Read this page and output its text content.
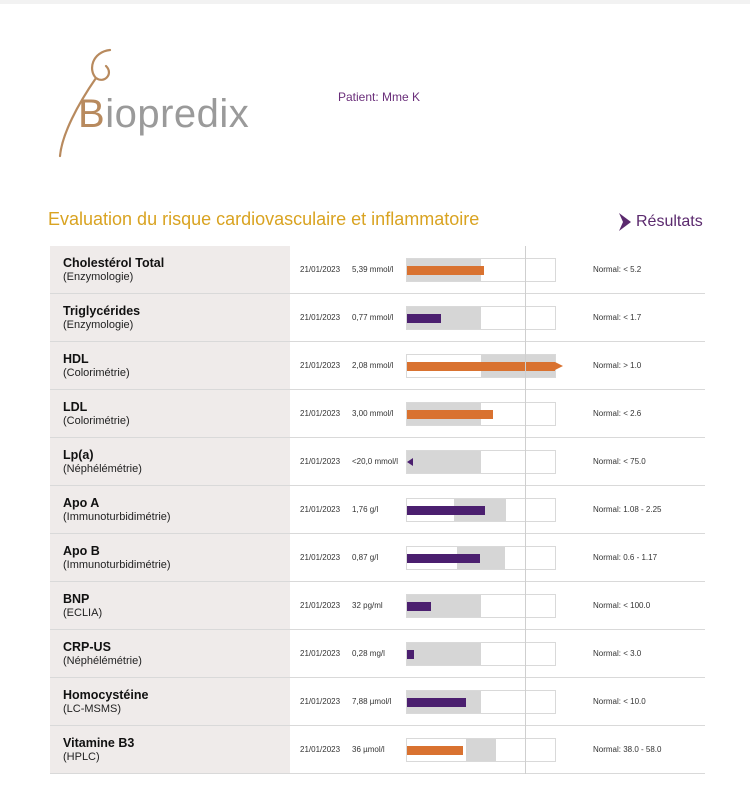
Biopredix	Patient: Mme K
Evaluation du risque cardiovasculaire et inflammatoire	Résultats
Cholestérol Total
(Enzymologie)
21/01/2023 5,39 mmol/l	Normal: < 5.2
Triglycérides
(Enzymologie)
21/01/2023 0,77 mmol/l	Normal: < 1.7
HDL
(Colorimétrie)
21/01/2023 2,08 mmol/l	Normal: > 1.0
LDL
(Colorimétrie)
21/01/2023 3,00 mmol/l	Normal: < 2.6
Lp(a)
(Néphélémétrie)
21/01/2023 <20,0 mmol/l	Normal: < 75.0
Apo A
(Immunoturbidimétrie)
21/01/2023 1,76 g/l	Normal: 1.08 - 2.25
Apo B
(Immunoturbidimétrie)
21/01/2023 0,87 g/l	Normal: 0.6 - 1.17
BNP
(ECLIA)
21/01/2023 32 pg/ml	Normal: < 100.0
CRP-US
(Néphélémétrie)
21/01/2023 0,28 mg/l	Normal: < 3.0
Homocystéine
(LC-MSMS)
21/01/2023 7,88 µmol/l	Normal: < 10.0
Vitamine B3
(HPLC)
21/01/2023 36 µmol/l	Normal: 38.0 - 58.0
